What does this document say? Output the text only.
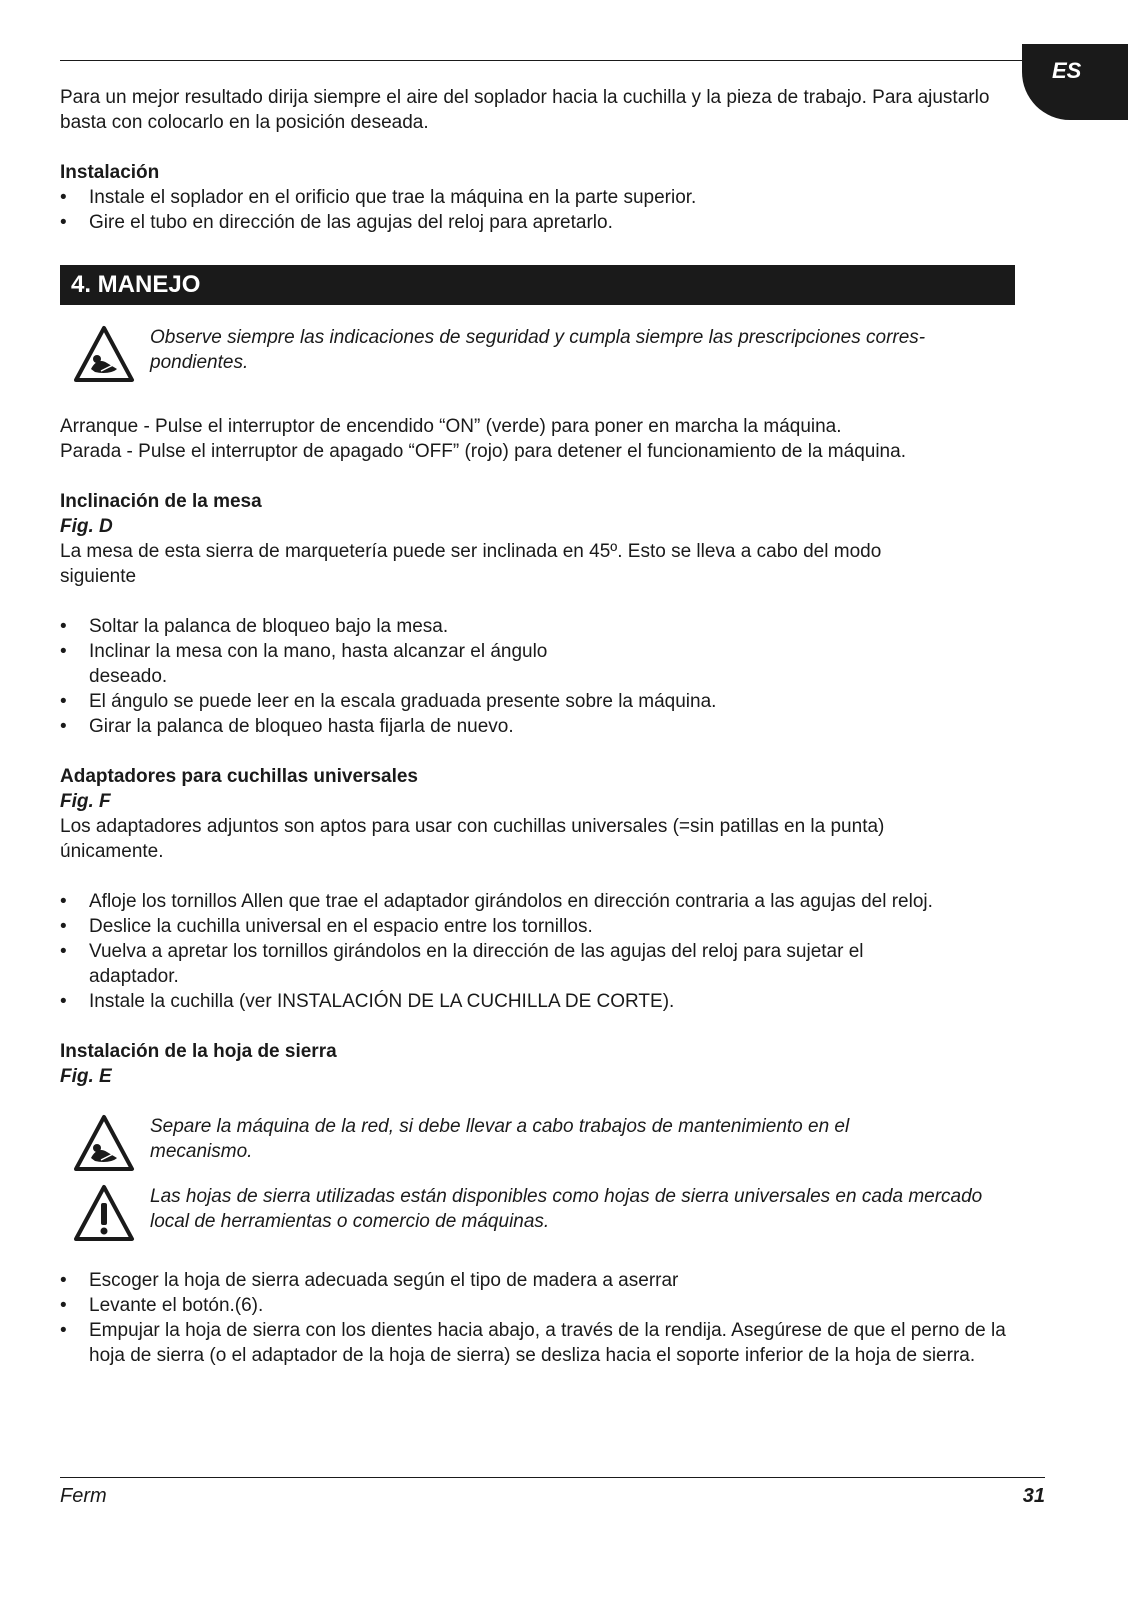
ES

Para un mejor resultado dirija siempre el aire del soplador hacia la cuchilla y la pieza de trabajo. Para ajustarlo basta con colocarlo en la posición deseada.

Instalación
• Instale el soplador en el orificio que trae la máquina en la parte superior.
• Gire el tubo en dirección de las agujas del reloj para apretarlo.
4. MANEJO

Observe siempre las indicaciones de seguridad y cumpla siempre las prescripciones corres- pondientes.

Arranque - Pulse el interruptor de encendido “ON” (verde) para poner en marcha la máquina.

Parada - Pulse el interruptor de apagado “OFF” (rojo) para detener el funcionamiento de la máquina.

Inclinación de la mesa

Fig. D

La mesa de esta sierra de marquetería puede ser inclinada en 45º. Esto se lleva a cabo del modo siguiente

• Soltar la palanca de bloqueo bajo la mesa.
• Inclinar la mesa con la mano, hasta alcanzar el ángulo deseado.
• El ángulo se puede leer en la escala graduada presente sobre la máquina.
• Girar la palanca de bloqueo hasta fijarla de nuevo.
Adaptadores para cuchillas universales

Fig. F

Los adaptadores adjuntos son aptos para usar con cuchillas universales (=sin patillas en la punta) únicamente.

• Afloje los tornillos Allen que trae el adaptador girándolos en dirección contraria a las agujas del reloj.
• Deslice la cuchilla universal en el espacio entre los tornillos.
• Vuelva a apretar los tornillos girándolos en la dirección de las agujas del reloj para sujetar el adaptador.
• Instale la cuchilla (ver INSTALACIÓN DE LA CUCHILLA DE CORTE).
Instalación de la hoja de sierra

Fig. E

Separe la máquina de la red, si debe llevar a cabo trabajos de mantenimiento en el mecanismo.

Las hojas de sierra utilizadas están disponibles como hojas de sierra universales en cada mercado local de herramientas o comercio de máquinas.

• Escoger la hoja de sierra adecuada según el tipo de madera a aserrar
• Levante el botón.(6).
• Empujar la hoja de sierra con los dientes hacia abajo, a través de la rendija. Asegúrese de que el perno de la hoja de sierra (o el adaptador de la hoja de sierra) se desliza hacia el soporte inferior de la hoja de sierra.
Ferm	31
